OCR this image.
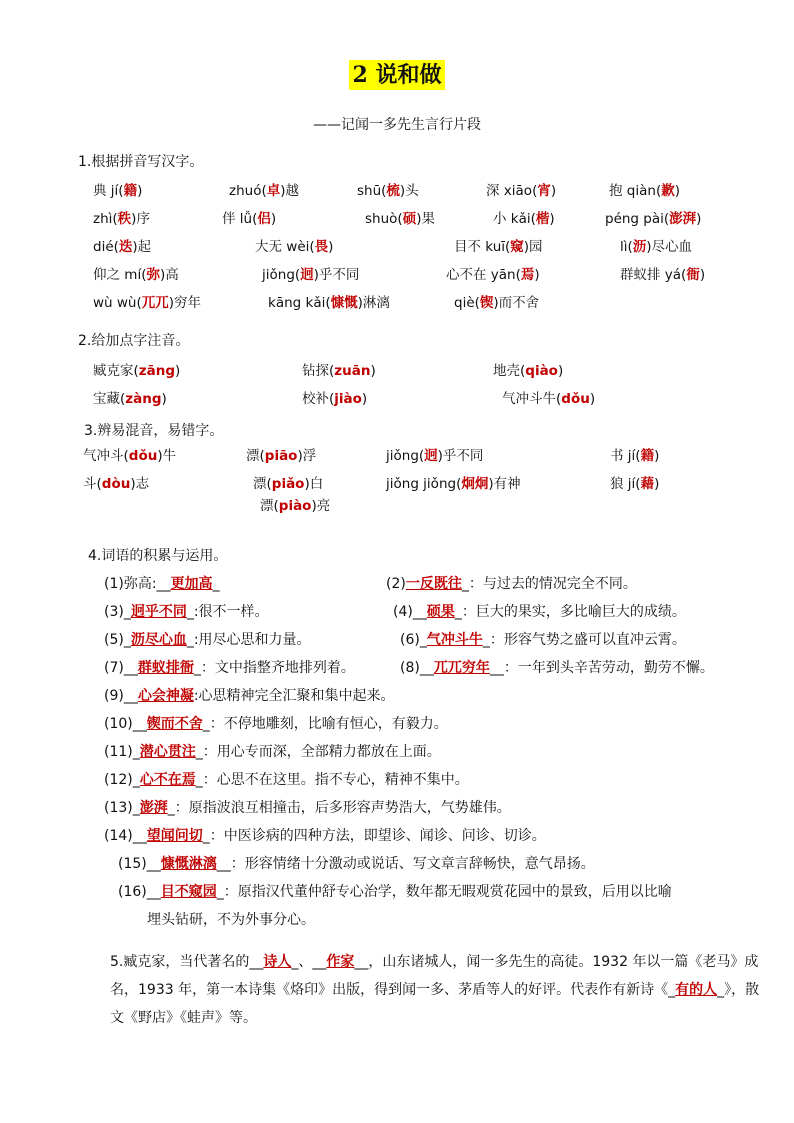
2 说和做
——记闻一多先生言行片段
1.根据拼音写汉字。
典 jí(籍)	zhuó(卓)越	shū(梳)头	深 xiāo(宵)	抱 qiàn(歉)
zhì(秩)序	伴 lǚ(侣)	shuò(硕)果	小 kǎi(楷)	péng pài(澎湃)
dié(迭)起	大无 wèi(畏)	目不 kuī(窥)园	lì(沥)尽心血
仰之 mí(弥)高	jiǒng(迥)乎不同	心不在 yān(焉)	群蚁排 yá(衙)
wù wù(兀兀)穷年	kāng kǎi(慷慨)淋漓	qiè(锲)而不舍
2.给加点字注音。
臧克家(zāng)	钻探(zuān)	地壳(qiào)
宝藏(zàng)	校补(jiào)	气冲斗牛(dǒu)
3.辨易混音，易错字。
气冲斗(dǒu)牛	漂(piāo)浮	jiǒng(迥)乎不同	书 jí(籍)
斗(dòu)志	漂(piǎo)白	jiǒng jiǒng(炯炯)有神	狼 jí(藉)
漂(piào)亮
4.词语的积累与运用。
(1)弥高:__更加高_	(2)一反既往_：与过去的情况完全不同。
(3)_迥乎不同_:很不一样。	(4)__硕果_：巨大的果实，多比喻巨大的成绩。
(5)_沥尽心血_:用尽心思和力量。	(6)_气冲斗牛_：形容气势之盛可以直冲云霄。
(7)__群蚁排衙_：文中指整齐地排列着。	(8)__兀兀穷年__：一年到头辛苦劳动，勤劳不懈。
(9)__心会神凝:心思精神完全汇聚和集中起来。
(10)__锲而不舍_：不停地雕刻，比喻有恒心，有毅力。
(11)_潜心贯注_：用心专而深，全部精力都放在上面。
(12)_心不在焉_：心思不在这里。指不专心，精神不集中。
(13)_澎湃_：原指波浪互相撞击，后多形容声势浩大，气势雄伟。
(14)__望闻问切_：中医诊病的四种方法，即望诊、闻诊、问诊、切诊。
(15)__慷慨淋漓__：形容情绪十分激动或说话、写文章言辞畅快，意气昂扬。
(16)__目不窥园_：原指汉代董仲舒专心治学，数年都无暇观赏花园中的景致，后用以比喻
埋头钻研，不为外事分心。
5.臧克家，当代著名的__诗人_、__作家__，山东诸城人，闻一多先生的高徒。1932 年以一篇《老马》成名，1933 年，第一本诗集《烙印》出版，得到闻一多、茅盾等人的好评。代表作有新诗《_有的人_》，散文《野店》《蛙声》等。
